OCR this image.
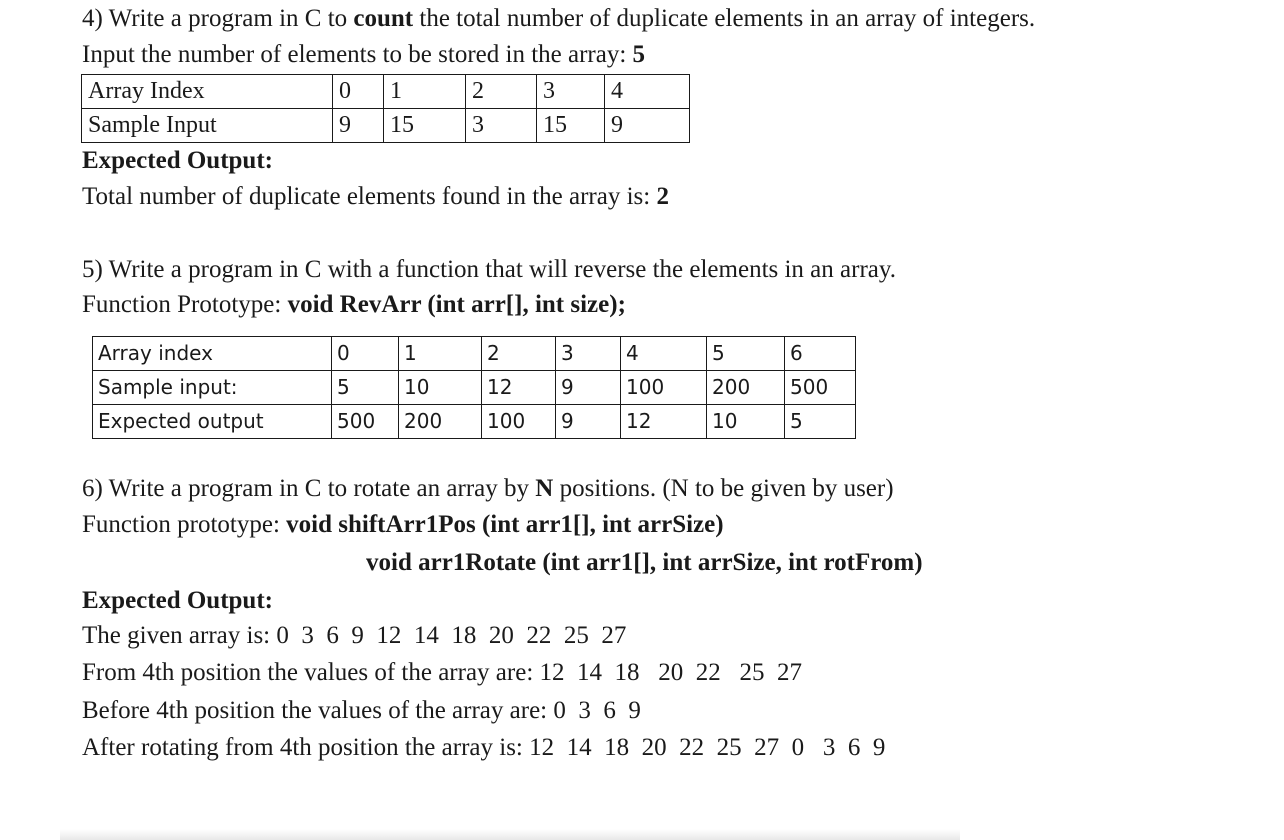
4) Write a program in C to count the total number of duplicate elements in an array of integers.
Input the number of elements to be stored in the array: 5
Array Index	0	1	2	3	4
Sample Input	9	15	3	15	9
Expected Output:
Total number of duplicate elements found in the array is: 2
5) Write a program in C with a function that will reverse the elements in an array.
Function Prototype: void RevArr (int arr[], int size);
Array index	0	1	2	3	4	5	6
Sample input:	5	10	12	9	100	200	500
Expected output	500	200	100	9	12	10	5
6) Write a program in C to rotate an array by N positions. (N to be given by user)
Function prototype: void shiftArr1Pos (int arr1[], int arrSize)
void arr1Rotate (int arr1[], int arrSize, int rotFrom)
Expected Output:
The given array is: 0  3  6  9  12  14  18  20  22  25  27
From 4th position the values of the array are: 12  14  18   20  22   25  27
Before 4th position the values of the array are: 0  3  6  9
After rotating from 4th position the array is: 12  14  18  20  22  25  27  0   3  6  9
